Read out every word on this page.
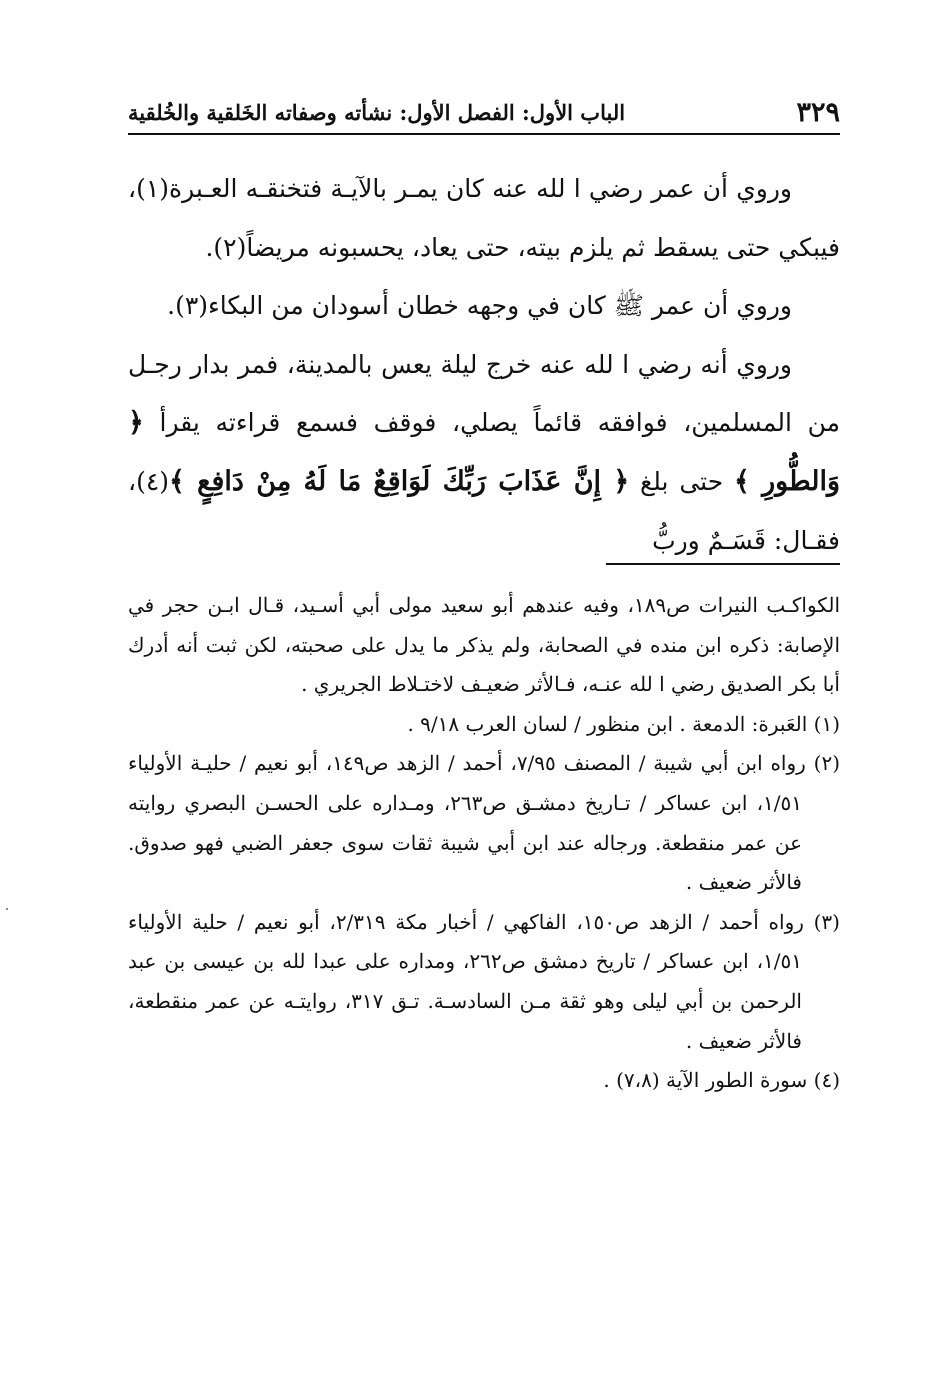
٣٢٩
الباب الأول: الفصل الأول: نشأته وصفاته الخَلقية والخُلقية

وروي أن عمر رضي ا لله عنه كان يمـر بالآيـة فتخنقـه العـبرة(١)، فيبكي حتى يسقط ثم يلزم بيته، حتى يعاد، يحسبونه مريضاً(٢).

وروي أن عمر ﷺ كان في وجهه خطان أسودان من البكاء(٣).

وروي أنه رضي ا لله عنه خرج ليلة يعس بالمدينة، فمر بدار رجـل من المسلمين، فوافقه قائماً يصلي، فوقف فسمع قراءته يقرأ ﴿ وَالطُّورِ ﴾ حتى بلغ ﴿ إِنَّ عَذَابَ رَبِّكَ لَوَاقِعٌ مَا لَهُ مِنْ دَافِعٍ ﴾(٤)، فقـال: قَسَـمٌ وربُّ

الكواكـب النيرات ص١٨٩، وفيه عندهم أبو سعيد مولى أبي أسـيد، قـال ابـن حجر في الإصابة: ذكره ابن منده في الصحابة، ولم يذكر ما يدل على صحبته، لكن ثبت أنه أدرك أبا بكر الصديق رضي ا لله عنـه، فـالأثر ضعيـف لاختـلاط الجريري .

(١) العَبرة: الدمعة . ابن منظور / لسان العرب ٩/١٨ .

(٢) رواه ابن أبي شيبة / المصنف ٧/٩٥، أحمد / الزهد ص١٤٩، أبو نعيم / حليـة الأولياء ١/٥١، ابن عساكر / تـاريخ دمشـق ص٢٦٣، ومـداره على الحسـن البصري روايته عن عمر منقطعة. ورجاله عند ابن أبي شيبة ثقات سوى جعفر الضبي فهو صدوق. فالأثر ضعيف .

(٣) رواه أحمد / الزهد ص١٥٠، الفاكهي / أخبار مكة ٢/٣١٩، أبو نعيم / حلية الأولياء ١/٥١، ابن عساكر / تاريخ دمشق ص٢٦٢، ومداره على عبدا لله بن عيسى بن عبد الرحمن بن أبي ليلى وهو ثقة مـن السادسـة. تـق ٣١٧، روايتـه عن عمر منقطعة، فالأثر ضعيف .

(٤) سورة الطور الآية (٧،٨) .
